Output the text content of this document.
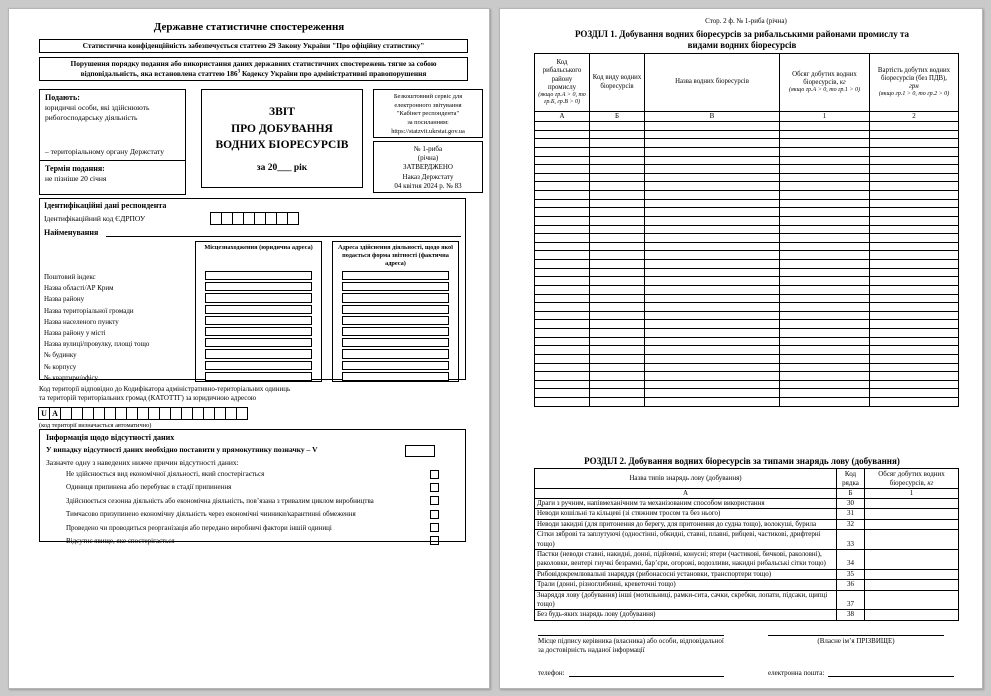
Державне статистичне спостереження
Статистична конфіденційність забезпечується статтею 29 Закону України "Про офіційну статистику"
Порушення порядку подання або використання даних державних статистичних спостережень тягне за собою відповідальність, яка встановлена статтею $186^3$ Кодексу України про адміністративні правопорушення
Подають:
юридичні особи, які здійснюють рибогосподарську діяльність
– територіальному органу Держстату
Термін подання:
не пізніше 20 січня
ЗВІТ
ПРО ДОБУВАННЯ
ВОДНИХ БІОРЕСУРСІВ
за 20___ рік
Безкоштовний сервіс для
електронного звітування
"Кабінет респондента"
за посиланням:
https://statzvit.ukrstat.gov.ua
№ 1-риба
(річна)
ЗАТВЕРДЖЕНО
Наказ Держстату
04 квітня 2024 р. № 83
Ідентифікаційні дані респондента
Ідентифікаційний код ЄДРПОУ
Найменування
Поштовий індекс
Назва області/АР Крим
Назва району
Назва територіальної громади
Назва населеного пункту
Назва району у місті
Назва вулиці/провулку, площі тощо
№ будинку
№ корпусу
№ квартири/офісу
Місцезнаходження (юридична адреса)	Адреса здійснення діяльності, щодо якої подається форма звітності (фактична адреса)
Код території відповідно до Кодифікатора адміністративно-територіальних одиниць
та територій територіальних громад (КАТОТТГ) за юридичною адресою
U A
(код території визначається автоматично)
Інформація щодо відсутності даних
У випадку відсутності даних необхідно поставити у прямокутнику позначку – V
Зазначте одну з наведених нижче причин відсутності даних:
Не здійснюється вид економічної діяльності, який спостерігається
Одиниця припинена або перебуває в стадії припинення
Здійснюється сезонна діяльність або економічна діяльність, пов’язана з тривалим циклом виробництва
Тимчасово призупинено економічну діяльність через економічні чинники/карантинні обмеження
Проведено чи проводиться реорганізація або передано виробничі фактори іншій одиниці
Відсутнє явище, яке спостерігається
Стор. 2 ф. № 1-риба (річна)
РОЗДІЛ 1. Добування водних біоресурсів за рибальськими районами промислу та
видами водних біоресурсів
Код рибальського району промислу
(якщо гр.А > 0, то гр.Б, гр.В > 0)	Код виду водних біоресурсів	Назва водних біоресурсів	Обсяг добутих водних біоресурсів, кг
(якщо гр.А > 0, то гр.1 > 0)	Вартість добутих водних біоресурсів (без ПДВ),
грн
(якщо гр.1 > 0, то гр.2 > 0)

А	Б	В	1	2

РОЗДІЛ 2. Добування водних біоресурсів за типами знарядь лову (добування)
Назва типів знарядь лову (добування)	Код рядка	Обсяг добутих водних біоресурсів, кг
А	Б	1
Драги з ручним, напівмеханічним та механізованим способом використання	30	
Неводи кошільні та кільцеві (зі стяжним тросом та без нього)	31	
Неводи закидні (для притонення до берегу, для притонення до судна тощо), волокуші, бурила	32	
Сітки зяброві та заплутуючі (одностінні, обкидні, ставні, плавні, рибцеві, частикові, дрифтерні тощо)	33	
Пастки (неводи ставні, накидні, донні, підйомні, конусні; ятери (частикові, бичкові, раколовні), раколовки, вентері гнучкі безрамні, бар’єри, огорожі, водозливи, накидні рибальські сітки тощо)	34	
Рибовідокремлювальні знаряддя (рибонасосні установки, транспортери тощо)	35	
Трали (донні, різноглибинні, креветочні тощо)	36	
Знаряддя лову (добування) інші (мотильниці, рамки-сита, сачки, скребки, лопати, підсаки, щипці тощо)	37	
Без будь-яких знарядь лову (добування)	38	
Місце підпису керівника (власника) або особи, відповідальної за достовірність наданої інформації
(Власне ім’я ПРІЗВИЩЕ)
телефон:	електронна пошта:
